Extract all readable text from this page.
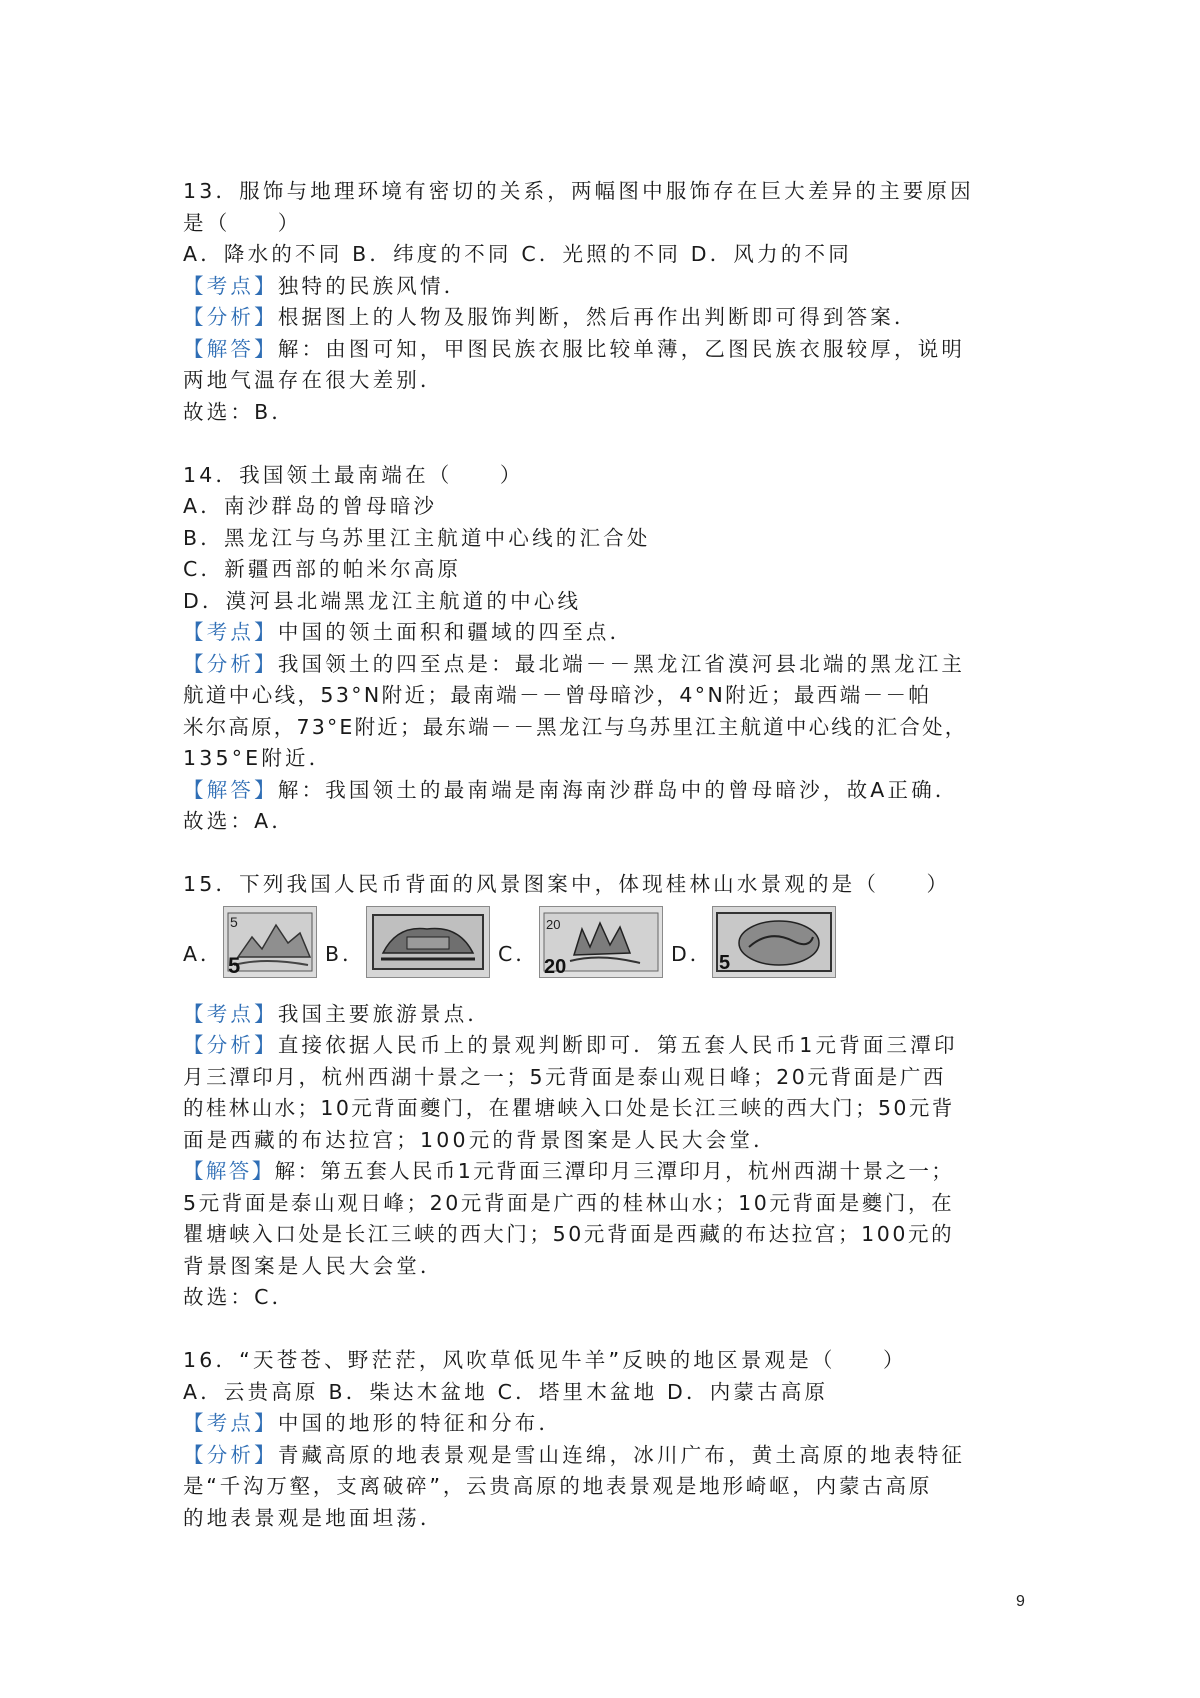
13．服饰与地理环境有密切的关系，两幅图中服饰存在巨大差异的主要原因
是（　　）
A．降水的不同 B．纬度的不同 C．光照的不同 D．风力的不同
【考点】独特的民族风情．
【分析】根据图上的人物及服饰判断，然后再作出判断即可得到答案．
【解答】解：由图可知，甲图民族衣服比较单薄，乙图民族衣服较厚，说明
两地气温存在很大差别．
故选：B．
14．我国领土最南端在（　　）
A．南沙群岛的曾母暗沙
B．黑龙江与乌苏里江主航道中心线的汇合处
C．新疆西部的帕米尔高原
D．漠河县北端黑龙江主航道的中心线
【考点】中国的领土面积和疆域的四至点．
【分析】我国领土的四至点是：最北端－－黑龙江省漠河县北端的黑龙江主
航道中心线，53°N附近；最南端－－曾母暗沙，4°N附近；最西端－－帕
米尔高原，73°E附近；最东端－－黑龙江与乌苏里江主航道中心线的汇合处，
135°E附近．
【解答】解：我国领土的最南端是南海南沙群岛中的曾母暗沙，故A正确．
故选：A．
15．下列我国人民币背面的风景图案中，体现桂林山水景观的是（　　）
A．
5
5	B．	C．
20
20
D． 5
【考点】我国主要旅游景点．
【分析】直接依据人民币上的景观判断即可．第五套人民币1元背面三潭印
月三潭印月，杭州西湖十景之一；5元背面是泰山观日峰；20元背面是广西
的桂林山水；10元背面夔门，在瞿塘峡入口处是长江三峡的西大门；50元背
面是西藏的布达拉宫；100元的背景图案是人民大会堂．
【解答】解：第五套人民币1元背面三潭印月三潭印月，杭州西湖十景之一；
5元背面是泰山观日峰；20元背面是广西的桂林山水；10元背面是夔门，在
瞿塘峡入口处是长江三峡的西大门；50元背面是西藏的布达拉宫；100元的
背景图案是人民大会堂．
故选：C．
16．“天苍苍、野茫茫，风吹草低见牛羊”反映的地区景观是（　　）
A．云贵高原 B．柴达木盆地 C．塔里木盆地 D．内蒙古高原
【考点】中国的地形的特征和分布．
【分析】青藏高原的地表景观是雪山连绵，冰川广布，黄土高原的地表特征
是“千沟万壑，支离破碎”，云贵高原的地表景观是地形崎岖，内蒙古高原
的地表景观是地面坦荡．
9
